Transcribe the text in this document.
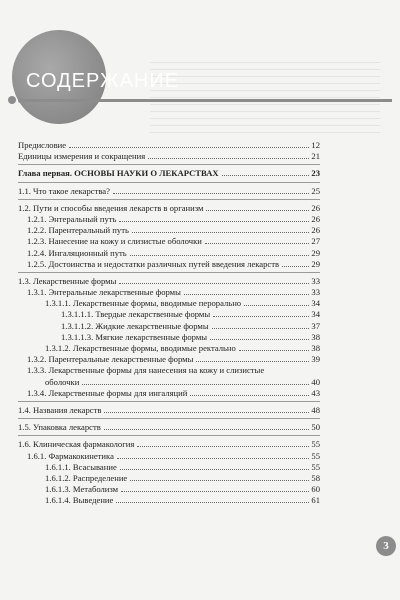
СОДЕРЖАНИЕ
Предисловие	12
Единицы измерения и сокращения	21
Глава первая. ОСНОВЫ НАУКИ О ЛЕКАРСТВАХ	23
1.1. Что такое лекарства?	25
1.2. Пути и способы введения лекарств в организм	26
1.2.1. Энтеральный путь	26
1.2.2. Парентеральный путь	26
1.2.3. Нанесение на кожу и слизистые оболочки	27
1.2.4. Ингаляционный путь	29
1.2.5. Достоинства и недостатки различных путей введения лекарств	29
1.3. Лекарственные формы	33
1.3.1. Энтеральные лекарственные формы	33
1.3.1.1. Лекарственные формы, вводимые перорально	34
1.3.1.1.1. Твердые лекарственные формы	34
1.3.1.1.2. Жидкие лекарственные формы	37
1.3.1.1.3. Мягкие лекарственные формы	38
1.3.1.2. Лекарственные формы, вводимые ректально	38
1.3.2. Парентеральные лекарственные формы	39
1.3.3. Лекарственные формы для нанесения на кожу и слизистые
оболочки	40
1.3.4. Лекарственные формы для ингаляций	43
1.4. Названия лекарств	48
1.5. Упаковка лекарств	50
1.6. Клиническая фармакология	55
1.6.1. Фармакокинетика	55
1.6.1.1. Всасывание	55
1.6.1.2. Распределение	58
1.6.1.3. Метаболизм	60
1.6.1.4. Выведение	61
3
